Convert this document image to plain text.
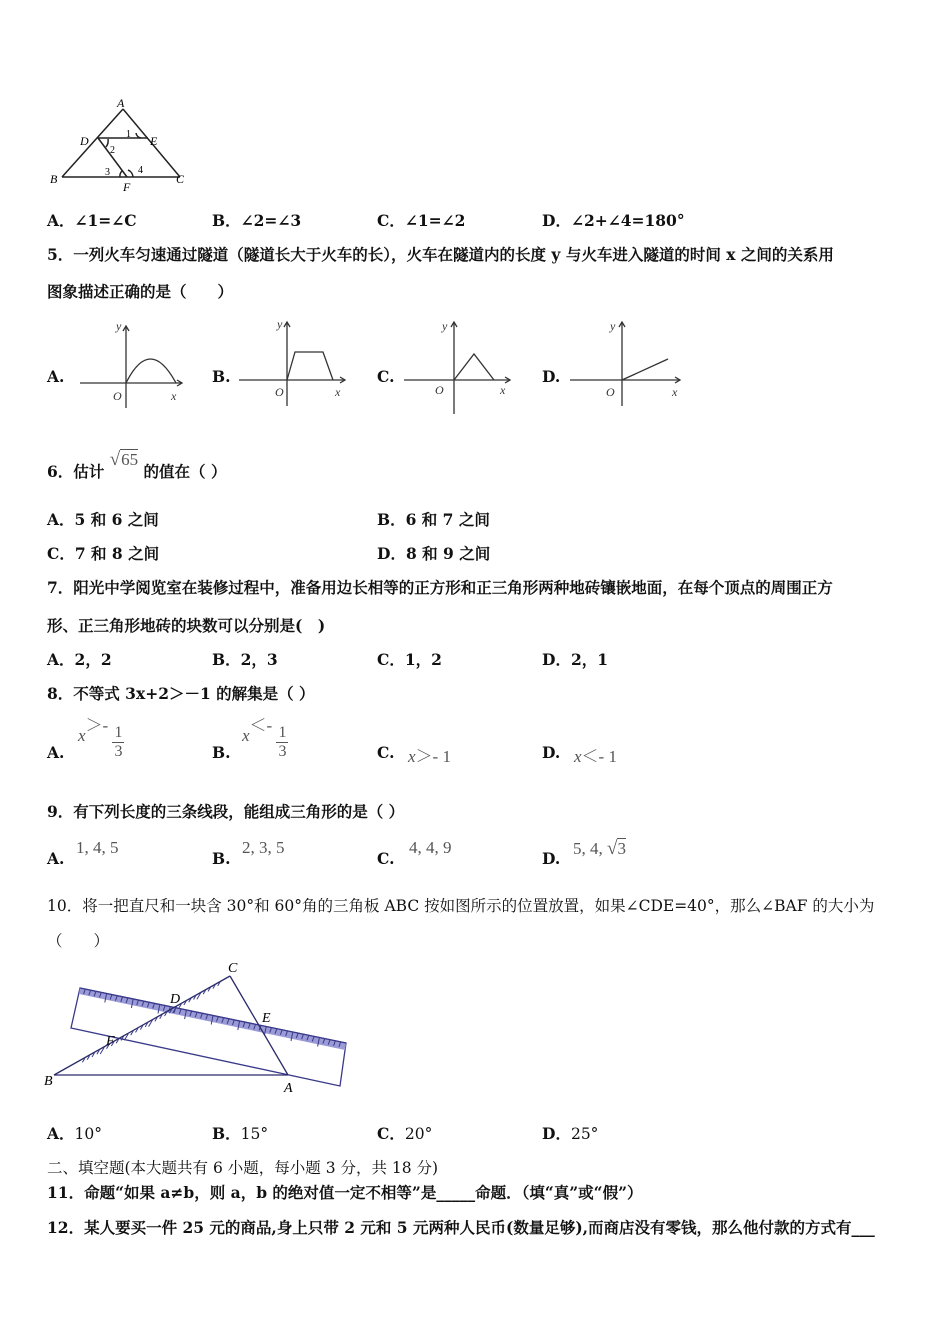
A
D	E
1
2
3	4
B
F
C
A．∠1=∠C	B．∠2=∠3	C．∠1=∠2	D．∠2+∠4=180°
5．一列火车匀速通过隧道（隧道长大于火车的长），火车在隧道内的长度 y 与火车进入隧道的时间 x 之间的关系用
图象描述正确的是（　　）
A.
y
x
O
B.
y
x
O
C.
y
x
O
D.
y
x
O
6．估计 √65 的值在（ ）
A．5 和 6 之间	B．6 和 7 之间
C．7 和 8 之间	D．8 和 9 之间
7．阳光中学阅览室在装修过程中，准备用边长相等的正方形和正三角形两种地砖镶嵌地面，在每个顶点的周围正方
形、正三角形地砖的块数可以分别是(　)
A．2，2	B．2，3	C．1，2	D．2，1
8．不等式 3x+2＞－1 的解集是（ ）
A.
$x>- \frac{1}{3}$	B.
$x<- \frac{1}{3}$	C. x＞- 1	D. x＜- 1
9．有下列长度的三条线段，能组成三角形的是（ ）
A.
1, 4, 5
B.
2, 3, 5
C.
4, 4, 9
D.
5, 4, √3
10．将一把直尺和一块含 30°和 60°角的三角板 ABC 按如图所示的位置放置，如果∠CDE=40°，那么∠BAF 的大小为
（　　）
C
D
E
F
B	A
A．10°	B．15°	C．20°	D．25°
二、填空题(本大题共有 6 小题，每小题 3 分，共 18 分)
11．命题“如果 a≠b，则 a，b 的绝对值一定不相等”是_____命题．（填“真”或“假”）
12．某人要买一件 25 元的商品,身上只带 2 元和 5 元两种人民币(数量足够),而商店没有零钱，那么他付款的方式有___
